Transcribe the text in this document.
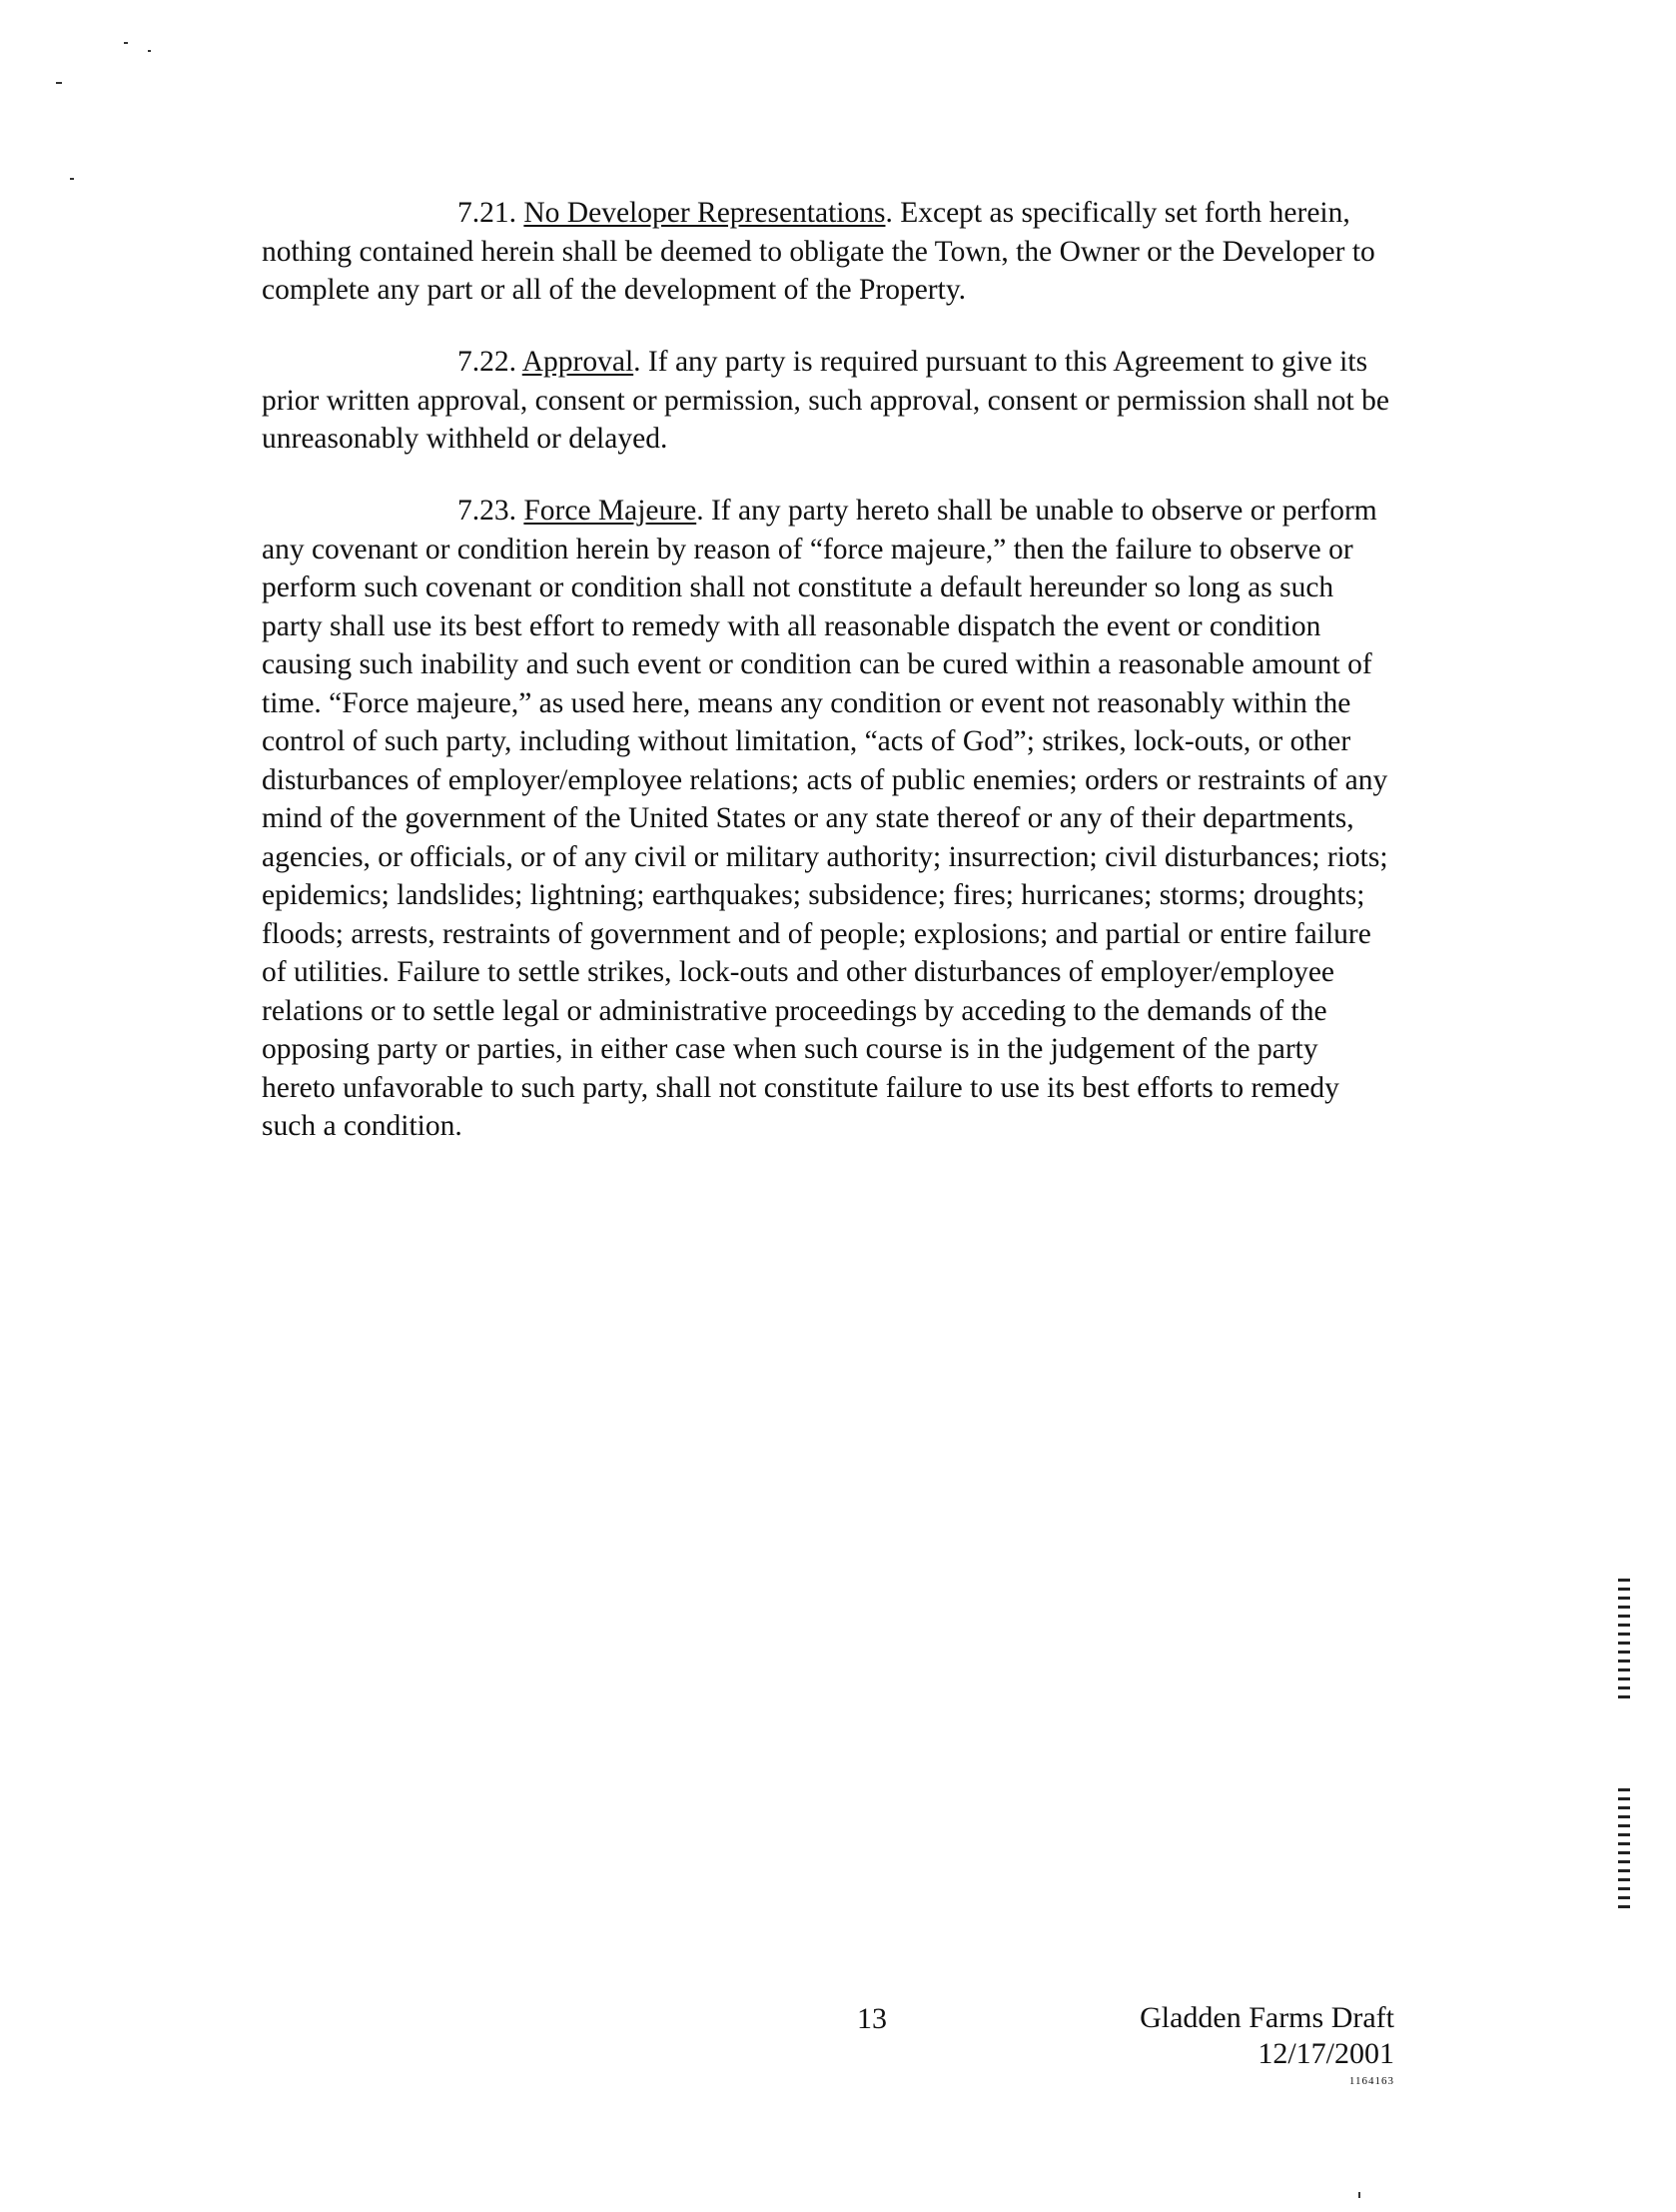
7.21. No Developer Representations. Except as specifically set forth herein, nothing contained herein shall be deemed to obligate the Town, the Owner or the Developer to complete any part or all of the development of the Property.

7.22. Approval. If any party is required pursuant to this Agreement to give its prior written approval, consent or permission, such approval, consent or permission shall not be unreasonably withheld or delayed.

7.23. Force Majeure. If any party hereto shall be unable to observe or perform any covenant or condition herein by reason of “force majeure,” then the failure to observe or perform such covenant or condition shall not constitute a default hereunder so long as such party shall use its best effort to remedy with all reasonable dispatch the event or condition causing such inability and such event or condition can be cured within a reasonable amount of time. “Force majeure,” as used here, means any condition or event not reasonably within the control of such party, including without limitation, “acts of God”; strikes, lock-outs, or other disturbances of employer/employee relations; acts of public enemies; orders or restraints of any mind of the government of the United States or any state thereof or any of their departments, agencies, or officials, or of any civil or military authority; insurrection; civil disturbances; riots; epidemics; landslides; lightning; earthquakes; subsidence; fires; hurricanes; storms; droughts; floods; arrests, restraints of government and of people; explosions; and partial or entire failure of utilities. Failure to settle strikes, lock-outs and other disturbances of employer/employee relations or to settle legal or administrative proceedings by acceding to the demands of the opposing party or parties, in either case when such course is in the judgement of the party hereto unfavorable to such party, shall not constitute failure to use its best efforts to remedy such a condition.

13	Gladden Farms Draft
12/17/2001
1164163
